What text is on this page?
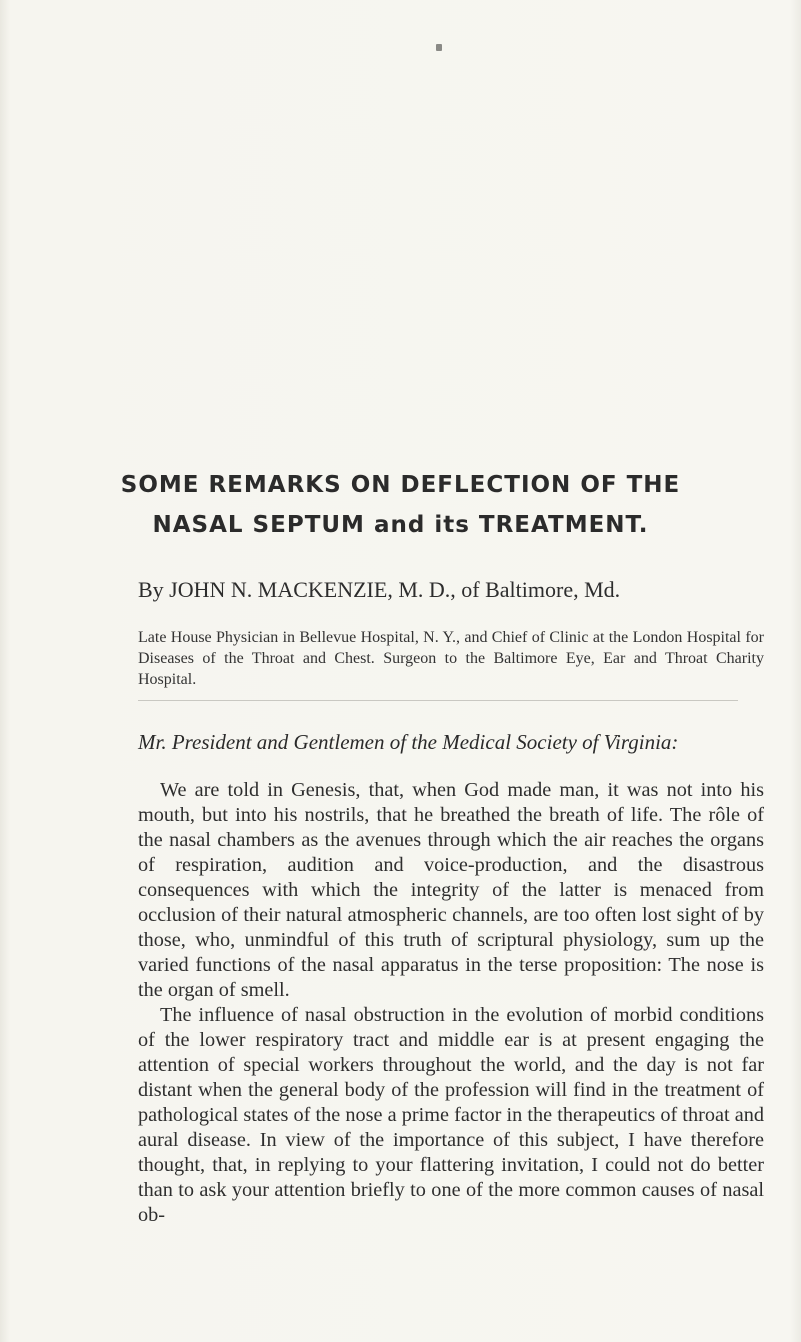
SOME REMARKS ON DEFLECTION OF THE
NASAL SEPTUM and its TREATMENT.
By JOHN N. MACKENZIE, M. D., of Baltimore, Md.
Late House Physician in Bellevue Hospital, N. Y., and Chief of Clinic at the London Hospital for Diseases of the Throat and Chest. Surgeon to the Baltimore Eye, Ear and Throat Charity Hospital.
Mr. President and Gentlemen of the Medical Society of Virginia:

We are told in Genesis, that, when God made man, it was not into his mouth, but into his nostrils, that he breathed the breath of life. The rôle of the nasal chambers as the avenues through which the air reaches the organs of respiration, audition and voice-production, and the disastrous consequences with which the integrity of the latter is menaced from occlusion of their natural atmospheric channels, are too often lost sight of by those, who, unmindful of this truth of scriptural physiology, sum up the varied functions of the nasal apparatus in the terse proposition: The nose is the organ of smell.

The influence of nasal obstruction in the evolution of morbid conditions of the lower respiratory tract and middle ear is at present engaging the attention of special workers throughout the world, and the day is not far distant when the general body of the profession will find in the treatment of pathological states of the nose a prime factor in the therapeutics of throat and aural disease. In view of the importance of this subject, I have therefore thought, that, in replying to your flattering invitation, I could not do better than to ask your attention briefly to one of the more common causes of nasal ob-
